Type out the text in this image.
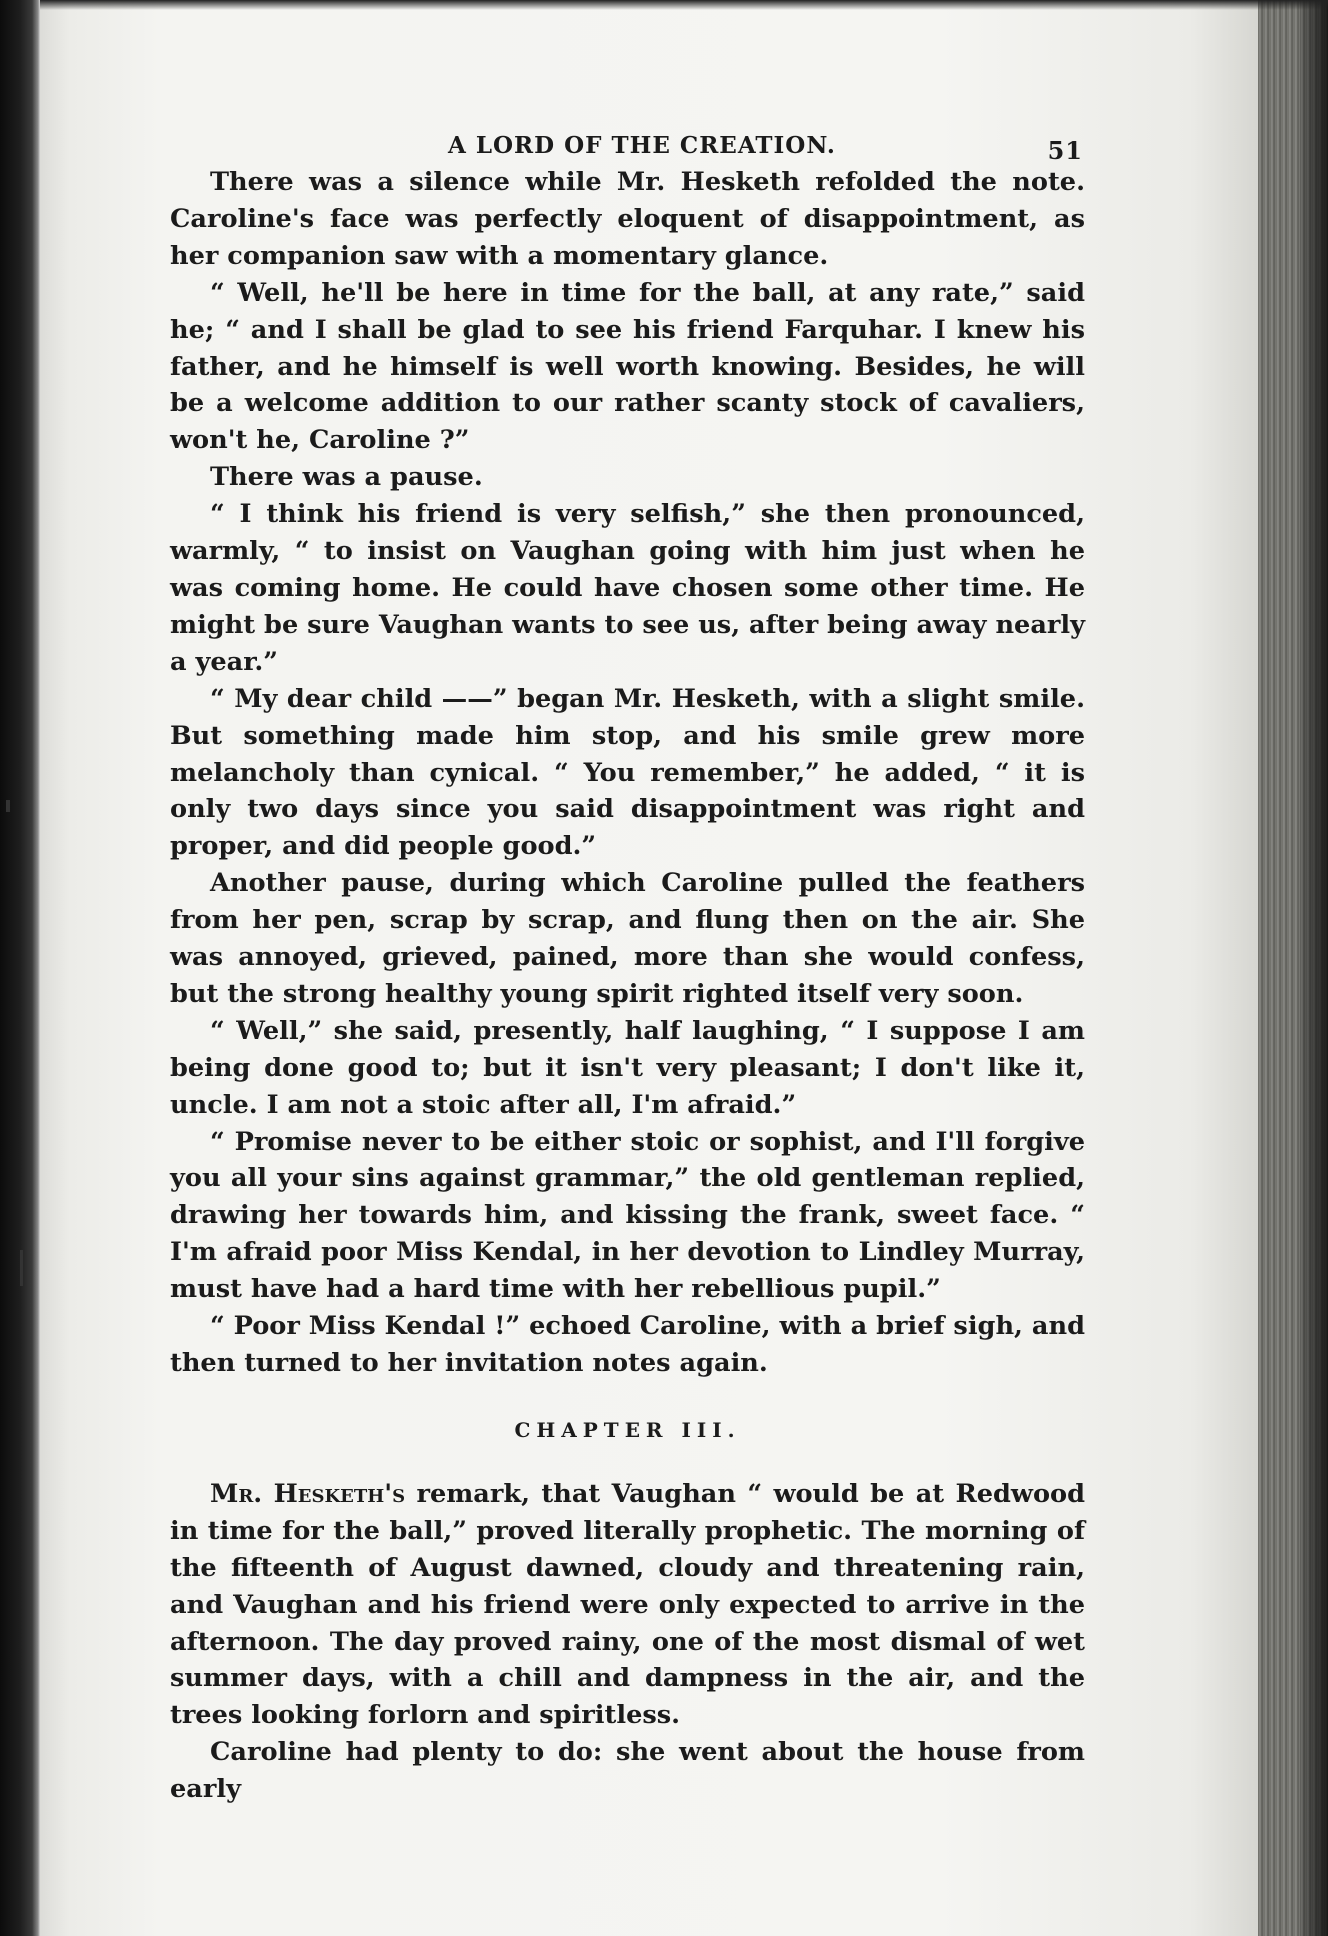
A LORD OF THE CREATION.	51

There was a silence while Mr. Hesketh refolded the note. Caroline's face was perfectly eloquent of disappointment, as her companion saw with a momentary glance.

“ Well, he'll be here in time for the ball, at any rate,” said he; “ and I shall be glad to see his friend Farquhar. I knew his father, and he himself is well worth knowing. Besides, he will be a welcome addition to our rather scanty stock of cavaliers, won't he, Caroline ?”

There was a pause.

“ I think his friend is very selfish,” she then pronounced, warmly, “ to insist on Vaughan going with him just when he was coming home. He could have chosen some other time. He might be sure Vaughan wants to see us, after being away nearly a year.”

“ My dear child ——” began Mr. Hesketh, with a slight smile. But something made him stop, and his smile grew more melancholy than cynical. “ You remember,” he added, “ it is only two days since you said disappointment was right and proper, and did people good.”

Another pause, during which Caroline pulled the feathers from her pen, scrap by scrap, and flung then on the air. She was annoyed, grieved, pained, more than she would confess, but the strong healthy young spirit righted itself very soon.

“ Well,” she said, presently, half laughing, “ I suppose I am being done good to; but it isn't very pleasant; I don't like it, uncle. I am not a stoic after all, I'm afraid.”

“ Promise never to be either stoic or sophist, and I'll forgive you all your sins against grammar,” the old gentleman replied, drawing her towards him, and kissing the frank, sweet face. “ I'm afraid poor Miss Kendal, in her devotion to Lindley Murray, must have had a hard time with her rebellious pupil.”

“ Poor Miss Kendal !” echoed Caroline, with a brief sigh, and then turned to her invitation notes again.

CHAPTER III.

Mr. Hesketh's remark, that Vaughan “ would be at Redwood in time for the ball,” proved literally prophetic. The morning of the fifteenth of August dawned, cloudy and threatening rain, and Vaughan and his friend were only expected to arrive in the afternoon. The day proved rainy, one of the most dismal of wet summer days, with a chill and dampness in the air, and the trees looking forlorn and spiritless.

Caroline had plenty to do: she went about the house from early
